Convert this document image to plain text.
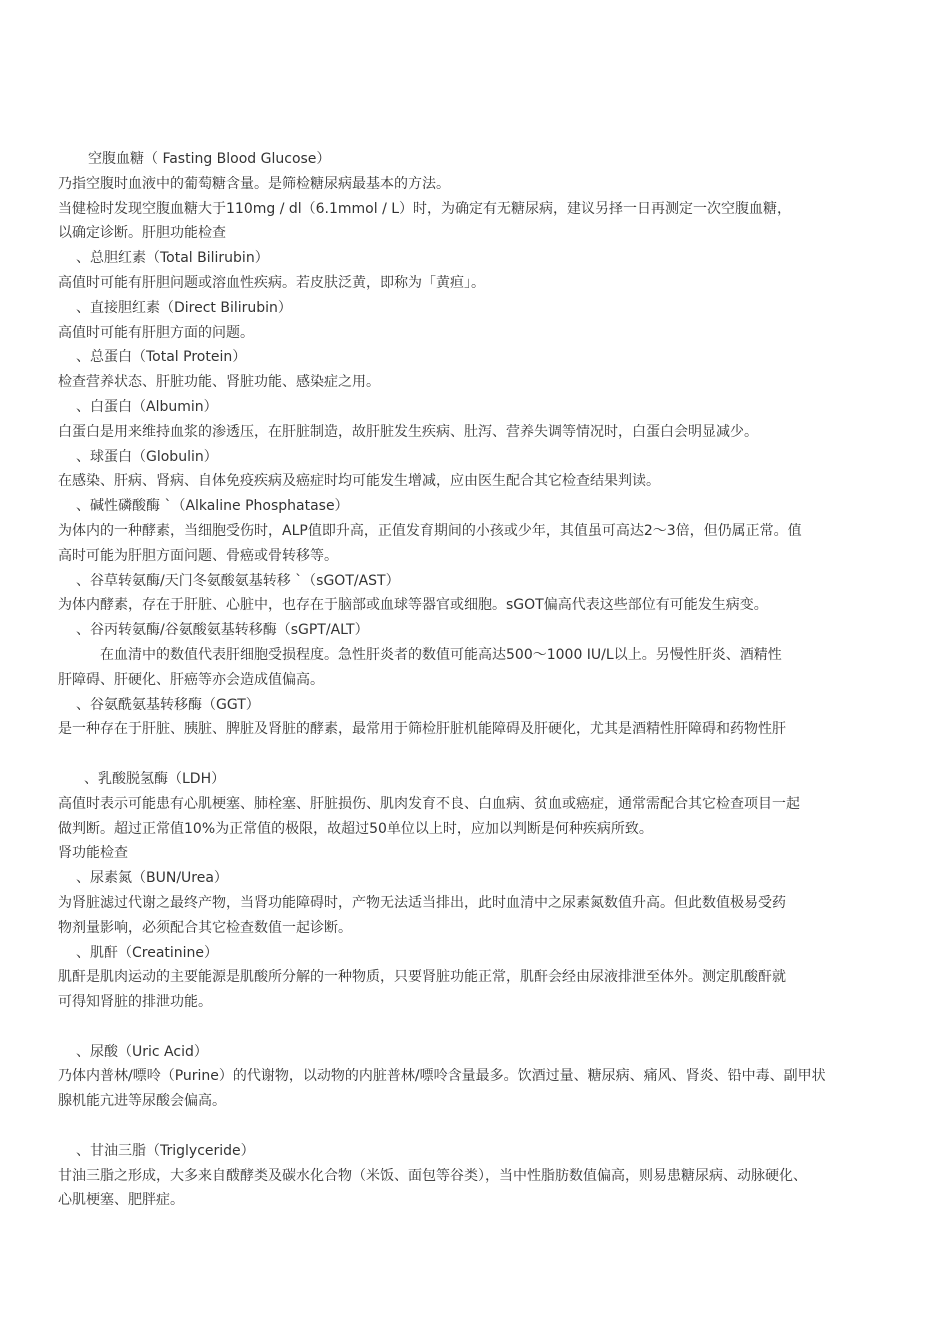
空腹血糖（ Fasting Blood Glucose）
乃指空腹时血液中的葡萄糖含量。是筛检糖尿病最基本的方法。
当健检时发现空腹血糖大于110mg / dl（6.1mmol / L）时，为确定有无糖尿病，建议另择一日再测定一次空腹血糖，
以确定诊断。肝胆功能检查
、总胆红素（Total Bilirubin）
高值时可能有肝胆问题或溶血性疾病。若皮肤泛黄，即称为「黄疸」。
、直接胆红素（Direct Bilirubin）
高值时可能有肝胆方面的问题。
、总蛋白（Total Protein）
检查营养状态、肝脏功能、肾脏功能、感染症之用。
、白蛋白（Albumin）
白蛋白是用来维持血浆的渗透压，在肝脏制造，故肝脏发生疾病、肚泻、营养失调等情况时，白蛋白会明显减少。
、球蛋白（Globulin）
在感染、肝病、肾病、自体免疫疾病及癌症时均可能发生增减，应由医生配合其它检查结果判读。
、碱性磷酸酶 ˋ（Alkaline Phosphatase）
为体内的一种酵素，当细胞受伤时，ALP值即升高，正值发育期间的小孩或少年，其值虽可高达2～3倍，但仍属正常。值
高时可能为肝胆方面问题、骨癌或骨转移等。
、谷草转氨酶/天门冬氨酸氨基转移 ˋ（sGOT/AST）
为体内酵素，存在于肝脏、心脏中，也存在于脑部或血球等器官或细胞。sGOT偏高代表这些部位有可能发生病变。
、谷丙转氨酶/谷氨酸氨基转移酶（sGPT/ALT）
在血清中的数值代表肝细胞受损程度。急性肝炎者的数值可能高达500～1000 IU/L以上。另慢性肝炎、酒精性
肝障碍、肝硬化、肝癌等亦会造成值偏高。
、谷氨酰氨基转移酶（GGT）
是一种存在于肝脏、胰脏、脾脏及肾脏的酵素，最常用于筛检肝脏机能障碍及肝硬化，尤其是酒精性肝障碍和药物性肝
、乳酸脱氢酶（LDH）
高值时表示可能患有心肌梗塞、肺栓塞、肝脏损伤、肌肉发育不良、白血病、贫血或癌症，通常需配合其它检查项目一起
做判断。超过正常值10%为正常值的极限，故超过50单位以上时，应加以判断是何种疾病所致。
肾功能检查
、尿素氮（BUN/Urea）
为肾脏滤过代谢之最终产物，当肾功能障碍时，产物无法适当排出，此时血清中之尿素氮数值升高。但此数值极易受药
物剂量影响，必须配合其它检查数值一起诊断。
、肌酐（Creatinine）
肌酐是肌肉运动的主要能源是肌酸所分解的一种物质，只要肾脏功能正常，肌酐会经由尿液排泄至体外。测定肌酸酐就
可得知肾脏的排泄功能。
、尿酸（Uric Acid）
乃体内普林/嘌呤（Purine）的代谢物，以动物的内脏普林/嘌呤含量最多。饮酒过量、糖尿病、痛风、肾炎、铅中毒、副甲状
腺机能亢进等尿酸会偏高。
、甘油三脂（Triglyceride）
甘油三脂之形成，大多来自酦酵类及碳水化合物（米饭、面包等谷类），当中性脂肪数值偏高，则易患糖尿病、动脉硬化、
心肌梗塞、肥胖症。
